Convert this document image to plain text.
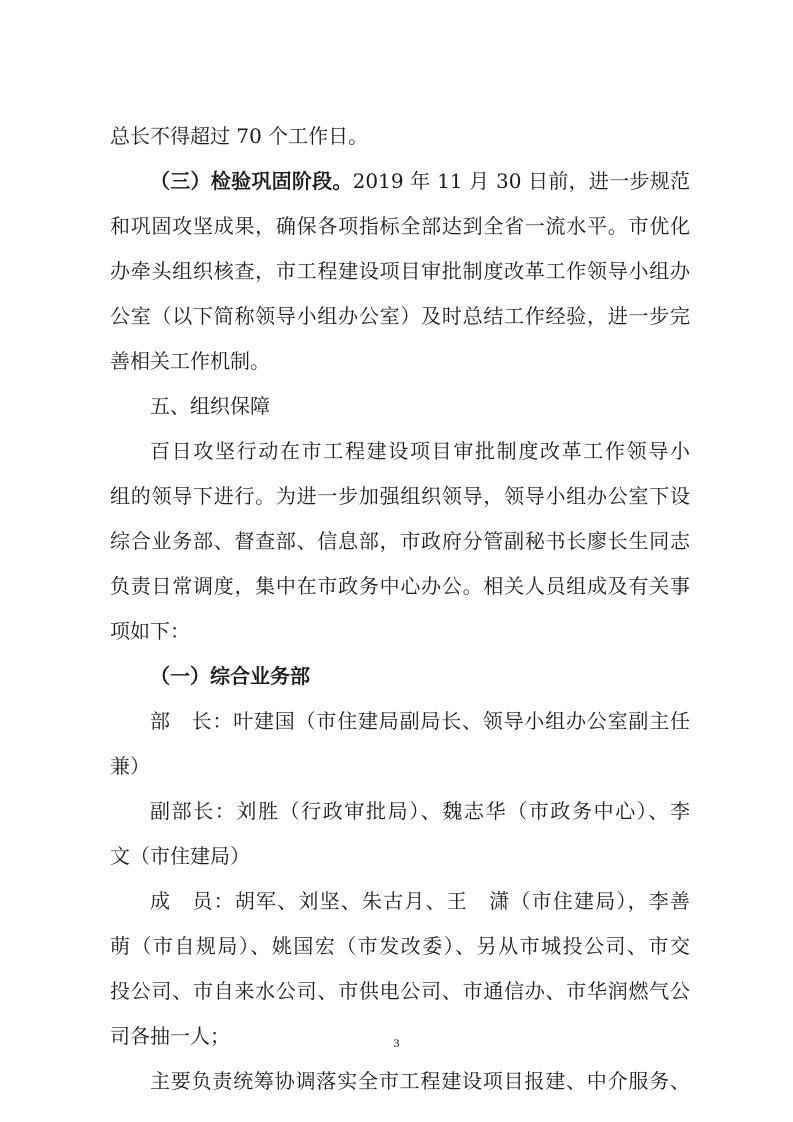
总长不得超过 70 个工作日。
（三）检验巩固阶段。2019 年 11 月 30 日前，进一步规范
和巩固攻坚成果，确保各项指标全部达到全省一流水平。市优化
办牵头组织核查，市工程建设项目审批制度改革工作领导小组办
公室（以下简称领导小组办公室）及时总结工作经验，进一步完
善相关工作机制。
五、组织保障
百日攻坚行动在市工程建设项目审批制度改革工作领导小
组的领导下进行。为进一步加强组织领导，领导小组办公室下设
综合业务部、督查部、信息部，市政府分管副秘书长廖长生同志
负责日常调度，集中在市政务中心办公。相关人员组成及有关事
项如下：
（一）综合业务部
部　长：叶建国（市住建局副局长、领导小组办公室副主任
兼）
副部长：刘胜（行政审批局）、魏志华（市政务中心）、李
文（市住建局）
成　员：胡军、刘坚、朱古月、王　潇（市住建局），李善
萌（市自规局）、姚国宏（市发改委）、另从市城投公司、市交
投公司、市自来水公司、市供电公司、市通信办、市华润燃气公
司各抽一人；
主要负责统筹协调落实全市工程建设项目报建、中介服务、
3
